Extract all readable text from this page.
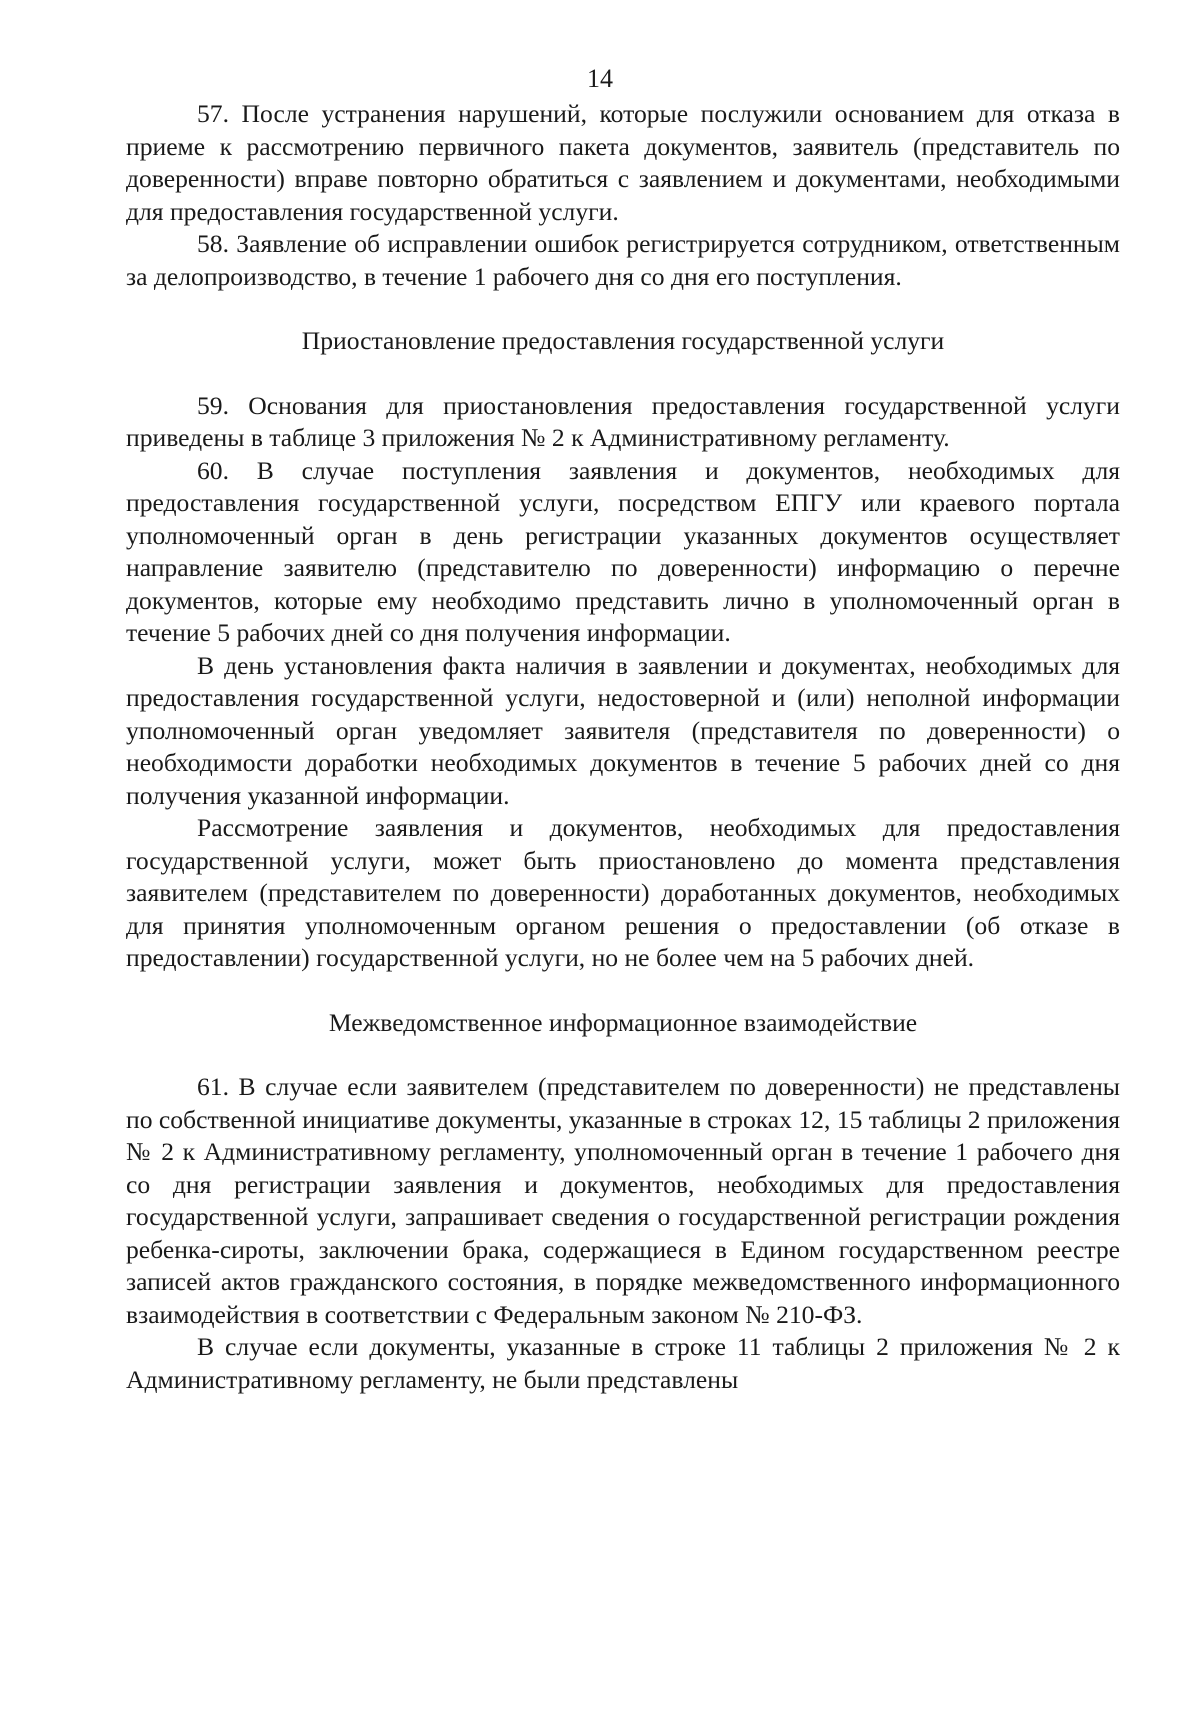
14

57. После устранения нарушений, которые послужили основанием для отказа в приеме к рассмотрению первичного пакета документов, заявитель (представитель по доверенности) вправе повторно обратиться с заявлением и документами, необходимыми для предоставления государственной услуги.

58. Заявление об исправлении ошибок регистрируется сотрудником, ответственным за делопроизводство, в течение 1 рабочего дня со дня его поступления.

Приостановление предоставления государственной услуги

59. Основания для приостановления предоставления государственной услуги приведены в таблице 3 приложения № 2 к Административному регламенту.

60. В случае поступления заявления и документов, необходимых для предоставления государственной услуги, посредством ЕПГУ или краевого портала уполномоченный орган в день регистрации указанных документов осуществляет направление заявителю (представителю по доверенности) информацию о перечне документов, которые ему необходимо представить лично в уполномоченный орган в течение 5 рабочих дней со дня получения информации.

В день установления факта наличия в заявлении и документах, необходимых для предоставления государственной услуги, недостоверной и (или) неполной информации уполномоченный орган уведомляет заявителя (представителя по доверенности) о необходимости доработки необходимых документов в течение 5 рабочих дней со дня получения указанной информации.

Рассмотрение заявления и документов, необходимых для предоставления государственной услуги, может быть приостановлено до момента представления заявителем (представителем по доверенности) доработанных документов, необходимых для принятия уполномоченным органом решения о предоставлении (об отказе в предоставлении) государственной услуги, но не более чем на 5 рабочих дней.

Межведомственное информационное взаимодействие

61. В случае если заявителем (представителем по доверенности) не представлены по собственной инициативе документы, указанные в строках 12, 15 таблицы 2 приложения № 2 к Административному регламенту, уполномоченный орган в течение 1 рабочего дня со дня регистрации заявления и документов, необходимых для предоставления государственной услуги, запрашивает сведения о государственной регистрации рождения ребенка-сироты, заключении брака, содержащиеся в Едином государственном реестре записей актов гражданского состояния, в порядке межведомственного информационного взаимодействия в соответствии с Федеральным законом № 210-ФЗ.

В случае если документы, указанные в строке 11 таблицы 2 приложения № 2 к Административному регламенту, не были представлены
